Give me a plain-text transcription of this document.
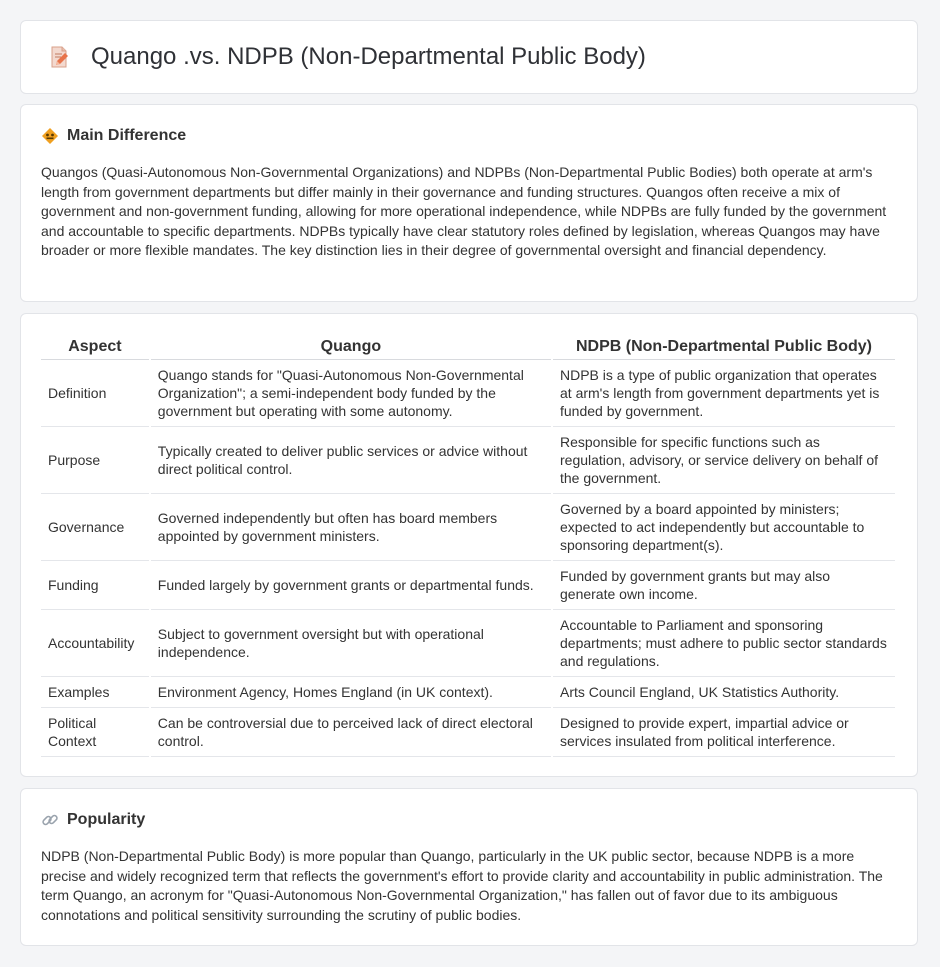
Quango .vs. NDPB (Non-Departmental Public Body)
Main Difference

Quangos (Quasi-Autonomous Non-Governmental Organizations) and NDPBs (Non-Departmental Public Bodies) both operate at arm's length from government departments but differ mainly in their governance and funding structures. Quangos often receive a mix of government and non-government funding, allowing for more operational independence, while NDPBs are fully funded by the government and accountable to specific departments. NDPBs typically have clear statutory roles defined by legislation, whereas Quangos may have broader or more flexible mandates. The key distinction lies in their degree of governmental oversight and financial dependency.

Aspect	Quango	NDPB (Non-Departmental Public Body)
Definition	Quango stands for "Quasi-Autonomous Non-Governmental Organization"; a semi-independent body funded by the government but operating with some autonomy.	NDPB is a type of public organization that operates at arm's length from government departments yet is funded by government.
Purpose	Typically created to deliver public services or advice without direct political control.	Responsible for specific functions such as regulation, advisory, or service delivery on behalf of the government.
Governance	Governed independently but often has board members appointed by government ministers.	Governed by a board appointed by ministers; expected to act independently but accountable to sponsoring department(s).
Funding	Funded largely by government grants or departmental funds.	Funded by government grants but may also generate own income.
Accountability	Subject to government oversight but with operational independence.	Accountable to Parliament and sponsoring departments; must adhere to public sector standards and regulations.
Examples	Environment Agency, Homes England (in UK context).	Arts Council England, UK Statistics Authority.
Political Context	Can be controversial due to perceived lack of direct electoral control.	Designed to provide expert, impartial advice or services insulated from political interference.
Popularity

NDPB (Non-Departmental Public Body) is more popular than Quango, particularly in the UK public sector, because NDPB is a more precise and widely recognized term that reflects the government's effort to provide clarity and accountability in public administration. The term Quango, an acronym for "Quasi-Autonomous Non-Governmental Organization," has fallen out of favor due to its ambiguous connotations and political sensitivity surrounding the scrutiny of public bodies.
